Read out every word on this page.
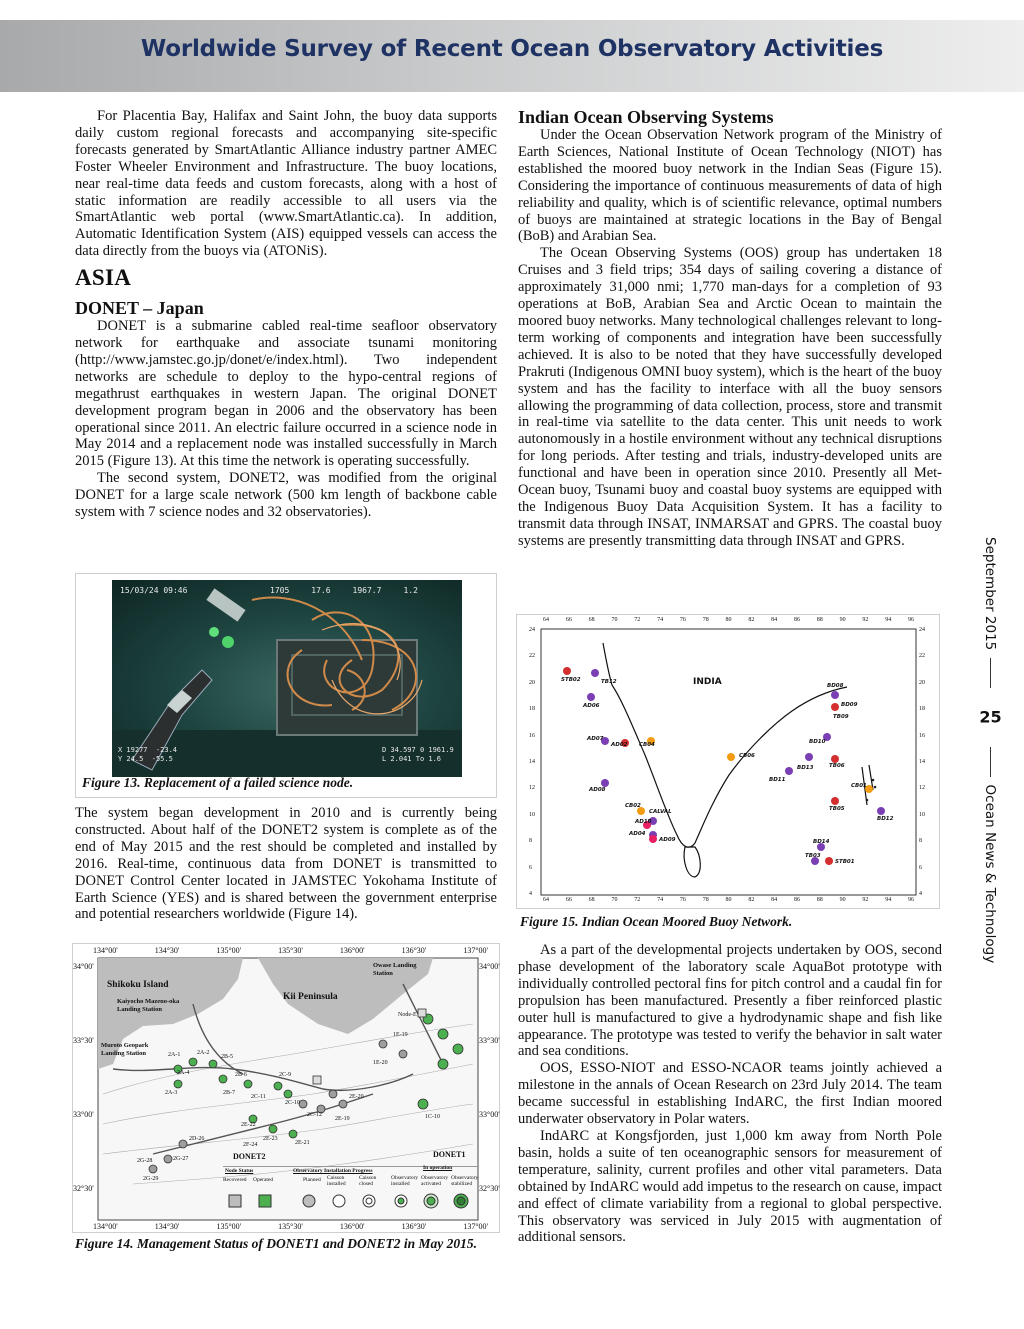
Worldwide Survey of Recent Ocean Observatory Activities

For Placentia Bay, Halifax and Saint John, the buoy data supports daily custom regional forecasts and accompanying site-specific forecasts generated by SmartAtlantic Alliance industry partner AMEC Foster Wheeler Environment and Infrastructure. The buoy locations, near real-time data feeds and custom forecasts, along with a host of static information are readily accessible to all users via the SmartAtlantic web portal (www.SmartAtlantic.ca). In addition, Automatic Identification System (AIS) equipped vessels can access the data directly from the buoys via (ATONiS).

ASIA
DONET – Japan

DONET is a submarine cabled real-time seafloor observatory network for earthquake and associate tsunami monitoring (http://www.jamstec.go.jp/donet/e/index.html). Two independent networks are schedule to deploy to the hypo-central regions of megathrust earthquakes in western Japan. The original DONET development program began in 2006 and the observatory has been operational since 2011. An electric failure occurred in a science node in May 2014 and a replacement node was installed successfully in March 2015 (Figure 13). At this time the network is operating successfully.

The second system, DONET2, was modified from the original DONET for a large scale network (500 km length of backbone cable system with 7 science nodes and 32 observatories).

15/03/24 09:46	1705	17.6	1967.7	1.2
X 19277 -23.4
Y 24.5 -55.5
D 34.597 0 1961.9
L 2.041 To 1.6
Figure 13. Replacement of a failed science node.

The system began development in 2010 and is currently being constructed. About half of the DONET2 system is complete as of the end of May 2015 and the rest should be completed and installed by 2016. Real-time, continuous data from DONET is transmitted to DONET Control Center located in JAMSTEC Yokohama Institute of Earth Science (YES) and is shared between the government enterprise and potential researchers worldwide (Figure 14).

134°00'	134°30'	135°00'	135°30'	136°00'	136°30'	137°00'
134°00'	134°30'	135°00'	135°30'	136°00'	136°30'	137°00'
34°00'
33°30'
33°00'
32°30'
34°00'
33°30'
33°00'
32°30'
Shikoku Island
Kii Peninsula
Kaiyocho Mazeno-oka Landing Station
Muroto Geopark Landing Station
Owase Landing Station
DONET2	DONET1
2A-1	2A-2
2A-3
2A-4
2B-5
2B-6
2B-7
2C-9
2C-10
2C-11
2C-12
2E-21
2E-22
2E-23
2F-24
2D-26
2G-27
2G-28
2G-29
2E-19
2E-20
1E-20
1E-19
1C-10
Node-E
Node Status	Observatory Installation Progress	In operation
Recovered Operated	Planned Caisson installed
Caisson closed
Observatory installed
Observatory activated
Observatory stabilized
Figure 14. Management Status of DONET1 and DONET2 in May 2015.
Indian Ocean Observing Systems

Under the Ocean Observation Network program of the Ministry of Earth Sciences, National Institute of Ocean Technology (NIOT) has established the moored buoy network in the Indian Seas (Figure 15). Considering the importance of continuous measurements of data of high reliability and quality, which is of scientific relevance, optimal numbers of buoys are maintained at strategic locations in the Bay of Bengal (BoB) and Arabian Sea.

The Ocean Observing Systems (OOS) group has undertaken 18 Cruises and 3 field trips; 354 days of sailing covering a distance of approximately 31,000 nmi; 1,770 man-days for a completion of 93 operations at BoB, Arabian Sea and Arctic Ocean to maintain the moored buoy networks. Many technological challenges relevant to long-term working of components and integration have been successfully achieved. It is also to be noted that they have successfully developed Prakruti (Indigenous OMNI buoy system), which is the heart of the buoy system and has the facility to interface with all the buoy sensors allowing the programming of data collection, process, store and transmit in real-time via satellite to the data center. This unit needs to work autonomously in a hostile environment without any technical disruptions for long periods. After testing and trials, industry-developed units are functional and have been in operation since 2010. Presently all Met-Ocean buoy, Tsunami buoy and coastal buoy systems are equipped with the Indigenous Buoy Data Acquisition System. It has a facility to transmit data through INSAT, INMARSAT and GPRS. The coastal buoy systems are presently transmitting data through INSAT and GPRS.

64	66	68	70	72	74	76	78	80	82	84	86	88	90	92	94	96
64	66	68	70	72	74	76	78	80	82	84	86	88	90	92	94	96
24
22
20
18
16
14
12
10
8
6
4
24
22
20
18
16
14
12
10
8
6
4
INDIA
STB02	TB12
AD06
AD07
AD02 CB04
AD08
CB02
CALVAL
AD10
AD04
AD09
CB06
BD08
BD09
TB09
BD10
BD13	TB06
BD11
CB01
TB05
BD12
BD14
TB03
STB01
Figure 15. Indian Ocean Moored Buoy Network.

As a part of the developmental projects undertaken by OOS, second phase development of the laboratory scale AquaBot prototype with individually controlled pectoral fins for pitch control and a caudal fin for propulsion has been manufactured. Presently a fiber reinforced plastic outer hull is manufactured to give a hydrodynamic shape and fish like appearance. The prototype was tested to verify the behavior in salt water and sea conditions.

OOS, ESSO-NIOT and ESSO-NCAOR teams jointly achieved a milestone in the annals of Ocean Research on 23rd July 2014. The team became successful in establishing IndARC, the first Indian moored underwater observatory in Polar waters.

IndARC at Kongsfjorden, just 1,000 km away from North Pole basin, holds a suite of ten oceanographic sensors for measurement of temperature, salinity, current profiles and other vital parameters. Data obtained by IndARC would add impetus to the research on cause, impact and effect of climate variability from a regional to global perspective. This observatory was serviced in July 2015 with augmentation of additional sensors.

September 2015
25
Ocean News & Technology
